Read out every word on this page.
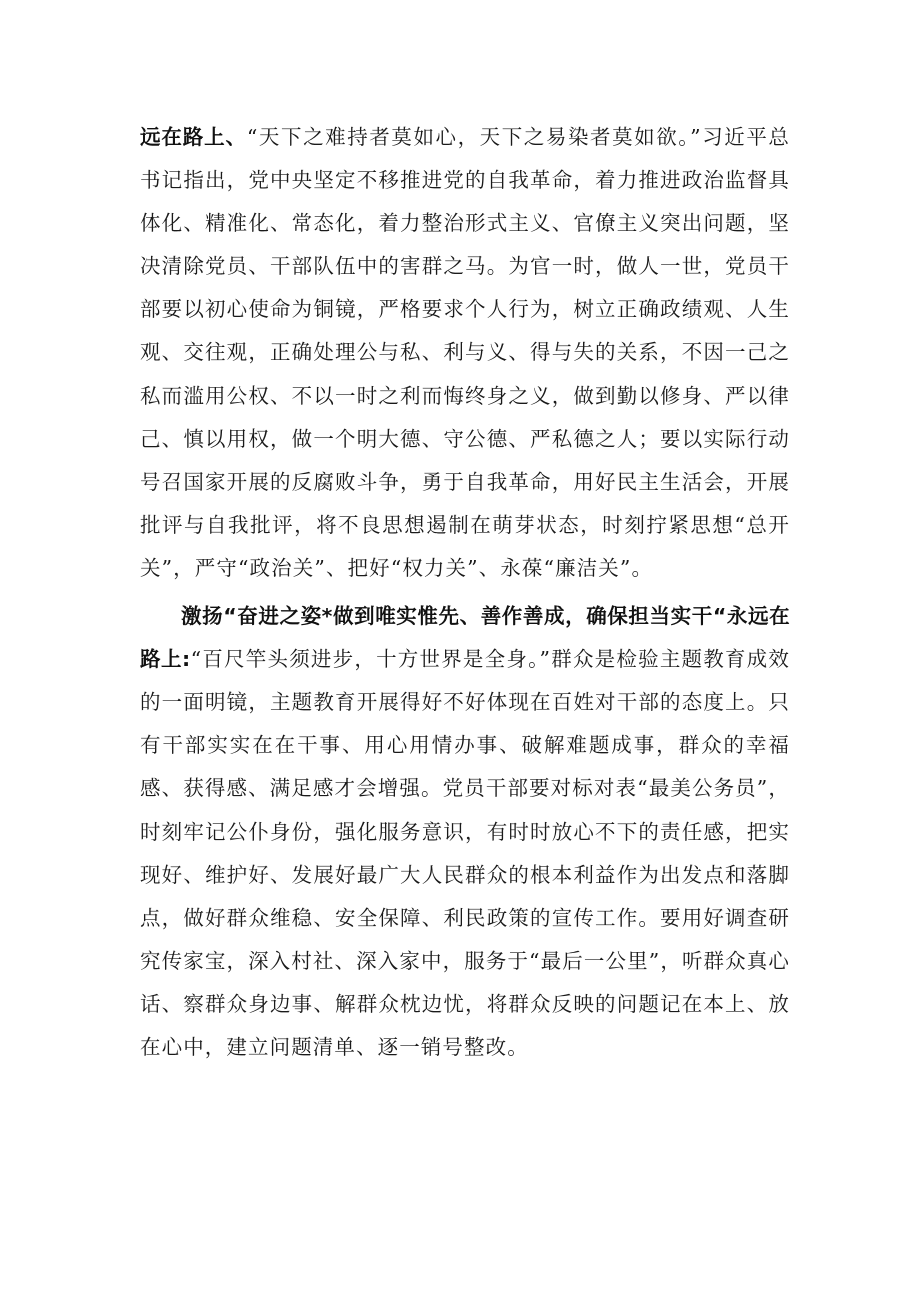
远在路上、“天下之难持者莫如心，天下之易染者莫如欲。”习近平总书记指出，党中央坚定不移推进党的自我革命，着力推进政治监督具体化、精准化、常态化，着力整治形式主义、官僚主义突出问题，坚决清除党员、干部队伍中的害群之马。为官一时，做人一世，党员干部要以初心使命为铜镜，严格要求个人行为，树立正确政绩观、人生观、交往观，正确处理公与私、利与义、得与失的关系，不因一己之私而滥用公权、不以一时之利而悔终身之义，做到勤以修身、严以律己、慎以用权，做一个明大德、守公德、严私德之人；要以实际行动号召国家开展的反腐败斗争，勇于自我革命，用好民主生活会，开展批评与自我批评，将不良思想遏制在萌芽状态，时刻拧紧思想“总开关”，严守“政治关”、把好“权力关”、永葆“廉洁关”。

激扬“奋进之姿*做到唯实惟先、善作善成，确保担当实干“永远在路上:“百尺竿头须进步，十方世界是全身。”群众是检验主题教育成效的一面明镜，主题教育开展得好不好体现在百姓对干部的态度上。只有干部实实在在干事、用心用情办事、破解难题成事，群众的幸福感、获得感、满足感才会增强。党员干部要对标对表“最美公务员”，时刻牢记公仆身份，强化服务意识，有时时放心不下的责任感，把实现好、维护好、发展好最广大人民群众的根本利益作为出发点和落脚点，做好群众维稳、安全保障、利民政策的宣传工作。要用好调查研究传家宝，深入村社、深入家中，服务于“最后一公里”，听群众真心话、察群众身边事、解群众枕边忧，将群众反映的问题记在本上、放在心中，建立问题清单、逐一销号整改。
